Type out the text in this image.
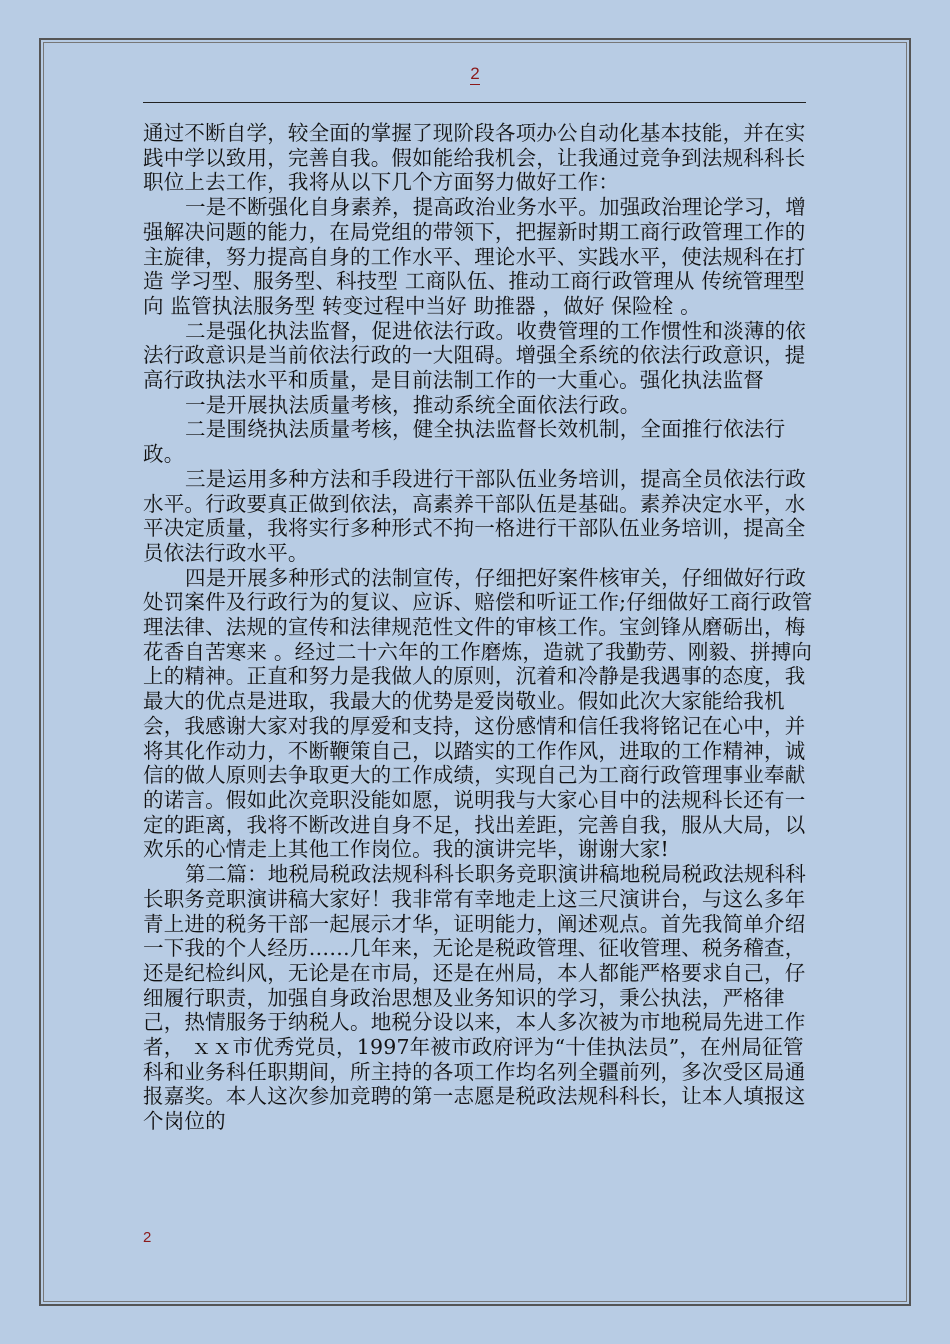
2

通过不断自学，较全面的掌握了现阶段各项办公自动化基本技能，并在实践中学以致用，完善自我。假如能给我机会，让我通过竞争到法规科科长职位上去工作，我将从以下几个方面努力做好工作：

一是不断强化自身素养，提高政治业务水平。加强政治理论学习，增强解决问题的能力，在局党组的带领下，把握新时期工商行政管理工作的主旋律，努力提高自身的工作水平、理论水平、实践水平，使法规科在打造 学习型、服务型、科技型 工商队伍、推动工商行政管理从 传统管理型 向 监管执法服务型 转变过程中当好 助推器 ，做好 保险栓 。

二是强化执法监督，促进依法行政。收费管理的工作惯性和淡薄的依法行政意识是当前依法行政的一大阻碍。增强全系统的依法行政意识，提高行政执法水平和质量，是目前法制工作的一大重心。强化执法监督

一是开展执法质量考核，推动系统全面依法行政。

二是围绕执法质量考核，健全执法监督长效机制，全面推行依法行政。

三是运用多种方法和手段进行干部队伍业务培训，提高全员依法行政水平。行政要真正做到依法，高素养干部队伍是基础。素养决定水平，水平决定质量，我将实行多种形式不拘一格进行干部队伍业务培训，提高全员依法行政水平。

四是开展多种形式的法制宣传，仔细把好案件核审关，仔细做好行政处罚案件及行政行为的复议、应诉、赔偿和听证工作;仔细做好工商行政管理法律、法规的宣传和法律规范性文件的审核工作。宝剑锋从磨砺出，梅花香自苦寒来 。经过二十六年的工作磨炼，造就了我勤劳、刚毅、拼搏向上的精神。正直和努力是我做人的原则，沉着和冷静是我遇事的态度，我最大的优点是进取，我最大的优势是爱岗敬业。假如此次大家能给我机会，我感谢大家对我的厚爱和支持，这份感情和信任我将铭记在心中，并将其化作动力，不断鞭策自己，以踏实的工作作风，进取的工作精神，诚信的做人原则去争取更大的工作成绩，实现自己为工商行政管理事业奉献的诺言。假如此次竞职没能如愿，说明我与大家心目中的法规科长还有一定的距离，我将不断改进自身不足，找出差距，完善自我，服从大局，以欢乐的心情走上其他工作岗位。我的演讲完毕，谢谢大家!

第二篇：地税局税政法规科科长职务竞职演讲稿地税局税政法规科科长职务竞职演讲稿大家好！我非常有幸地走上这三尺演讲台，与这么多年青上进的税务干部一起展示才华，证明能力，阐述观点。首先我简单介绍一下我的个人经历……几年来，无论是税政管理、征收管理、税务稽查，还是纪检纠风，无论是在市局，还是在州局，本人都能严格要求自己，仔细履行职责，加强自身政治思想及业务知识的学习，秉公执法，严格律己，热情服务于纳税人。地税分设以来，本人多次被为市地税局先进工作者， ｘｘ市优秀党员，1997年被市政府评为“十佳执法员”，在州局征管科和业务科任职期间，所主持的各项工作均名列全疆前列，多次受区局通报嘉奖。本人这次参加竞聘的第一志愿是税政法规科科长，让本人填报这个岗位的

2
